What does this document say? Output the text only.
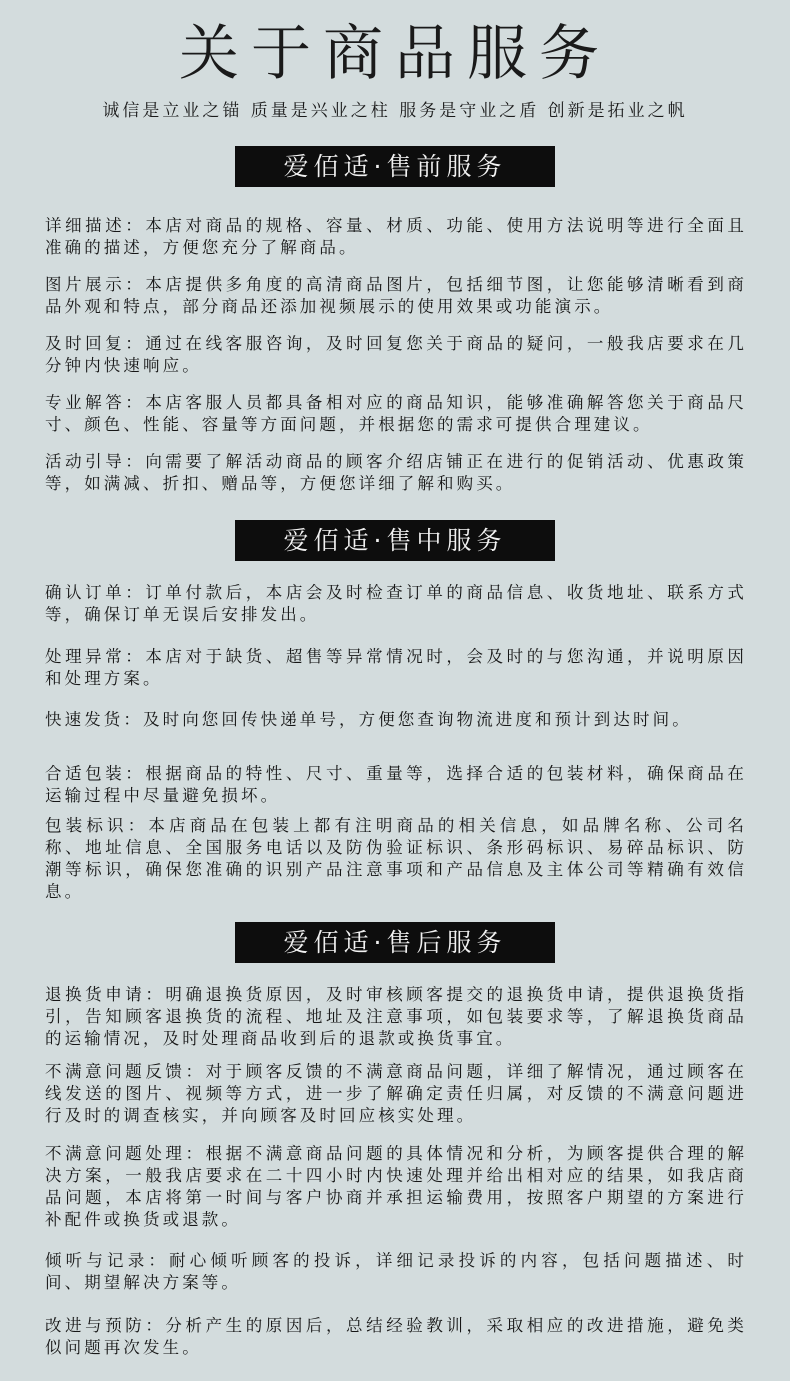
关于商品服务
诚信是立业之锚 质量是兴业之柱 服务是守业之盾 创新是拓业之帆
爱佰适·售前服务
详细描述：本店对商品的规格、容量、材质、功能、使用方法说明等进行全面且准确的描述，方便您充分了解商品。
图片展示：本店提供多角度的高清商品图片，包括细节图，让您能够清晰看到商品外观和特点，部分商品还添加视频展示的使用效果或功能演示。
及时回复：通过在线客服咨询，及时回复您关于商品的疑问，一般我店要求在几分钟内快速响应。
专业解答：本店客服人员都具备相对应的商品知识，能够准确解答您关于商品尺寸、颜色、性能、容量等方面问题，并根据您的需求可提供合理建议。
活动引导：向需要了解活动商品的顾客介绍店铺正在进行的促销活动、优惠政策等，如满减、折扣、赠品等，方便您详细了解和购买。
爱佰适·售中服务
确认订单：订单付款后，本店会及时检查订单的商品信息、收货地址、联系方式等，确保订单无误后安排发出。
处理异常：本店对于缺货、超售等异常情况时，会及时的与您沟通，并说明原因和处理方案。
快速发货：及时向您回传快递单号，方便您查询物流进度和预计到达时间。
合适包装：根据商品的特性、尺寸、重量等，选择合适的包装材料，确保商品在运输过程中尽量避免损坏。
包装标识：本店商品在包装上都有注明商品的相关信息，如品牌名称、公司名称、地址信息、全国服务电话以及防伪验证标识、条形码标识、易碎品标识、防潮等标识，确保您准确的识别产品注意事项和产品信息及主体公司等精确有效信息。
爱佰适·售后服务
退换货申请：明确退换货原因，及时审核顾客提交的退换货申请，提供退换货指引，告知顾客退换货的流程、地址及注意事项，如包装要求等，了解退换货商品的运输情况，及时处理商品收到后的退款或换货事宜。
不满意问题反馈：对于顾客反馈的不满意商品问题，详细了解情况，通过顾客在线发送的图片、视频等方式，进一步了解确定责任归属，对反馈的不满意问题进行及时的调查核实，并向顾客及时回应核实处理。
不满意问题处理：根据不满意商品问题的具体情况和分析，为顾客提供合理的解决方案，一般我店要求在二十四小时内快速处理并给出相对应的结果，如我店商品问题，本店将第一时间与客户协商并承担运输费用，按照客户期望的方案进行补配件或换货或退款。
倾听与记录：耐心倾听顾客的投诉，详细记录投诉的内容，包括问题描述、时间、期望解决方案等。
改进与预防：分析产生的原因后，总结经验教训，采取相应的改进措施，避免类似问题再次发生。
